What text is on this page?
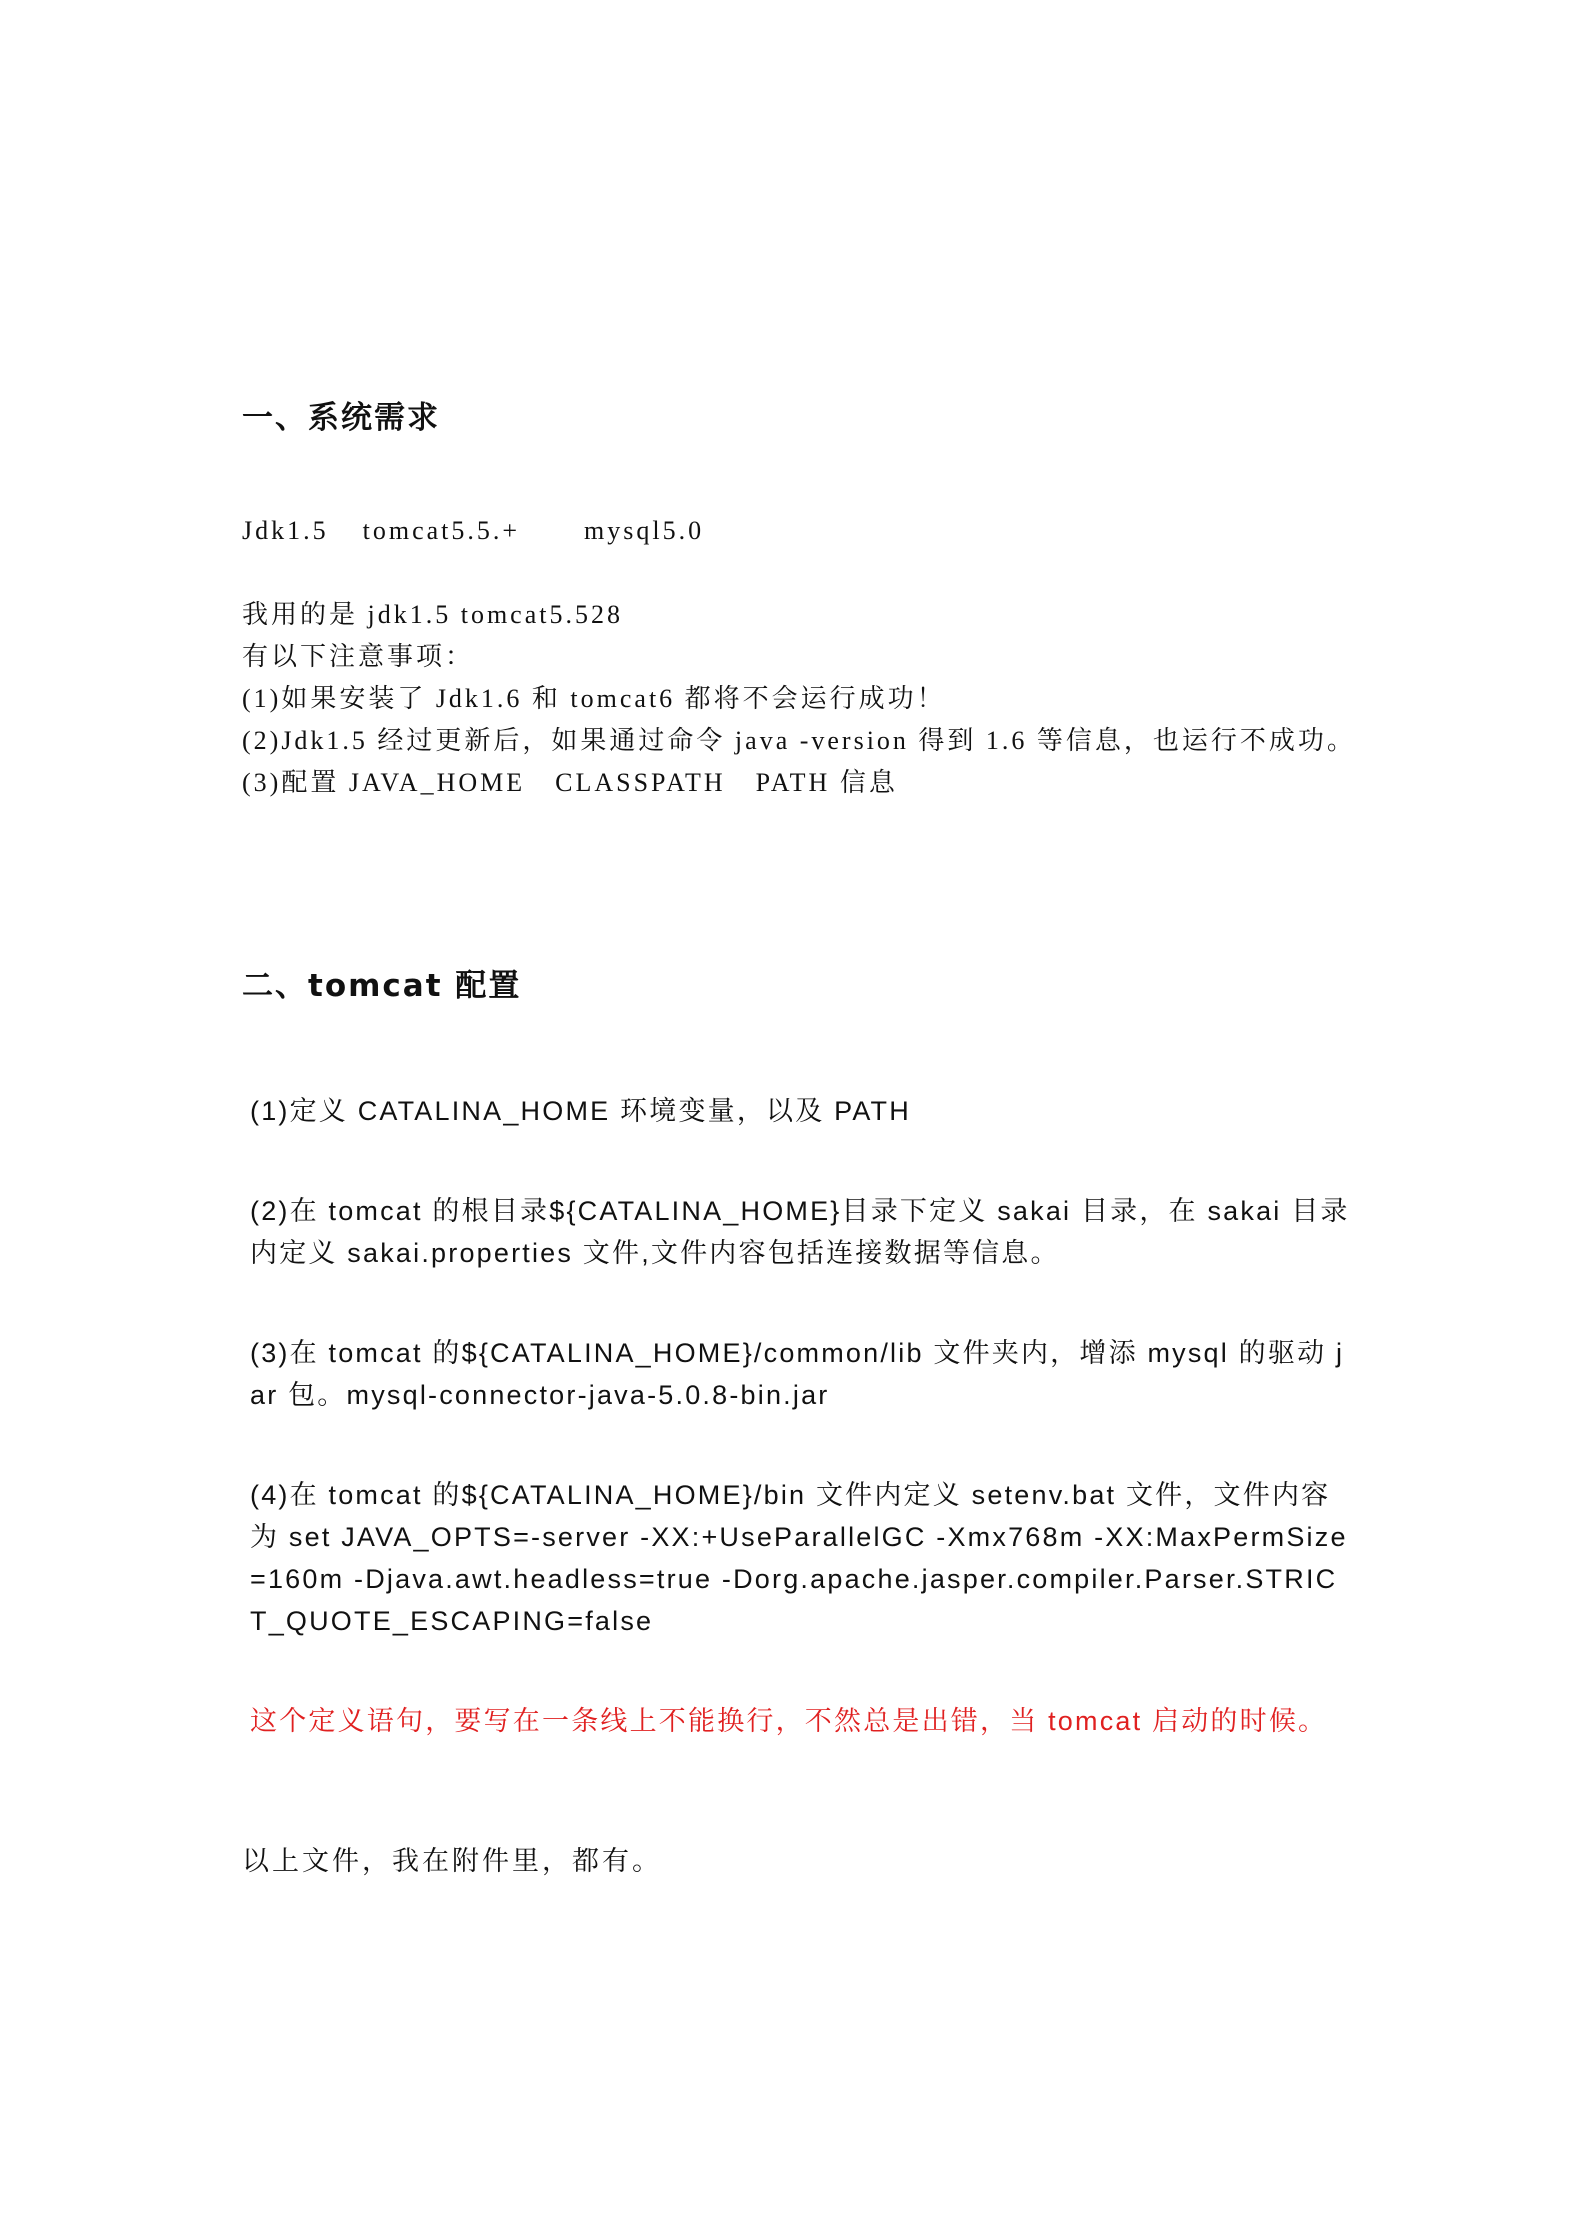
一、系统需求
Jdk1.5 tomcat5.5.+ mysql5.0

我用的是 jdk1.5 tomcat5.528

有以下注意事项：

(1)如果安装了 Jdk1.6 和 tomcat6 都将不会运行成功！

(2)Jdk1.5 经过更新后，如果通过命令 java -version 得到 1.6 等信息，也运行不成功。

(3)配置 JAVA_HOME CLASSPATH PATH 信息

二、tomcat 配置

(1)定义 CATALINA_HOME 环境变量，以及 PATH

(2)在 tomcat 的根目录${CATALINA_HOME}目录下定义 sakai 目录，在 sakai 目录内定义 sakai.properties 文件,文件内容包括连接数据等信息。

(3)在 tomcat 的${CATALINA_HOME}/common/lib 文件夹内，增添 mysql 的驱动 jar 包。mysql-connector-java-5.0.8-bin.jar

(4)在 tomcat 的${CATALINA_HOME}/bin 文件内定义 setenv.bat 文件，文件内容为 set JAVA_OPTS=-server -XX:+UseParallelGC -Xmx768m -XX:MaxPermSize=160m -Djava.awt.headless=true -Dorg.apache.jasper.compiler.Parser.STRICT_QUOTE_ESCAPING=false

这个定义语句，要写在一条线上不能换行，不然总是出错，当 tomcat 启动的时候。

以上文件，我在附件里，都有。
